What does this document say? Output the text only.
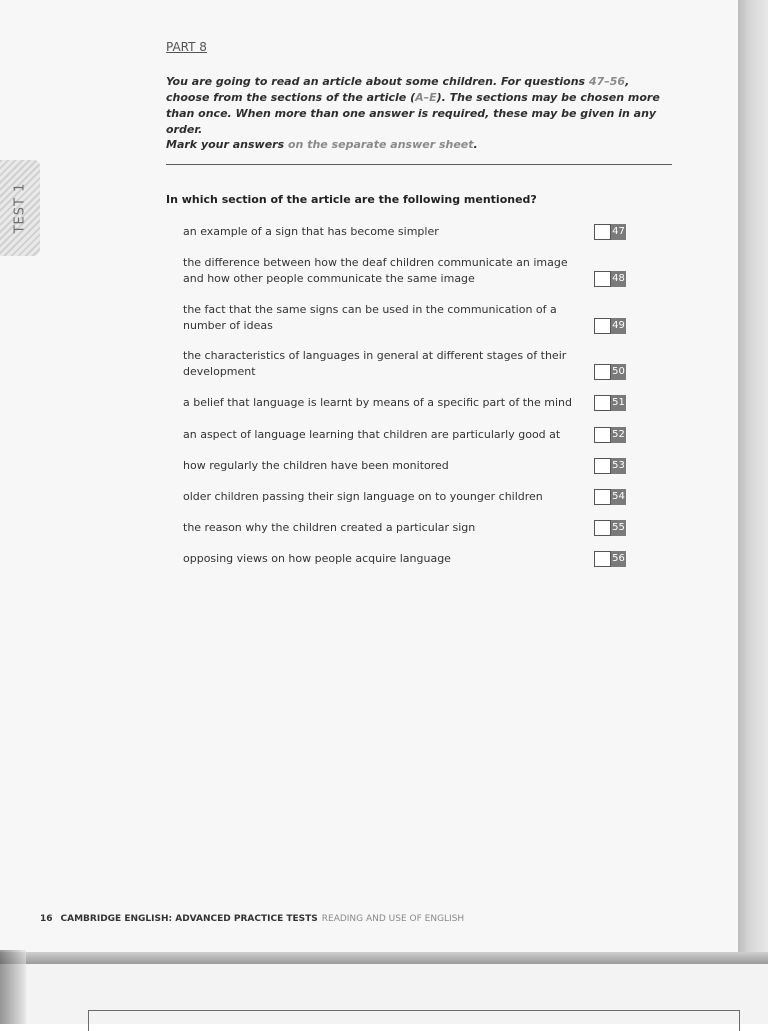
TEST 1
PART 8

You are going to read an article about some children. For questions 47–56, choose from the sections of the article (A–E). The sections may be chosen more than once. When more than one answer is required, these may be given in any order.

Mark your answers on the separate answer sheet.

In which section of the article are the following mentioned?
an example of a sign that has become simpler	47
the difference between how the deaf children communicate an image and how other people communicate the same image	48
the fact that the same signs can be used in the communication of a number of ideas	49
the characteristics of languages in general at different stages of their development	50
a belief that language is learnt by means of a specific part of the mind	51
an aspect of language learning that children are particularly good at	52
how regularly the children have been monitored	53
older children passing their sign language on to younger children	54
the reason why the children created a particular sign	55
opposing views on how people acquire language	56
16 CAMBRIDGE ENGLISH: ADVANCED PRACTICE TESTS READING AND USE OF ENGLISH
